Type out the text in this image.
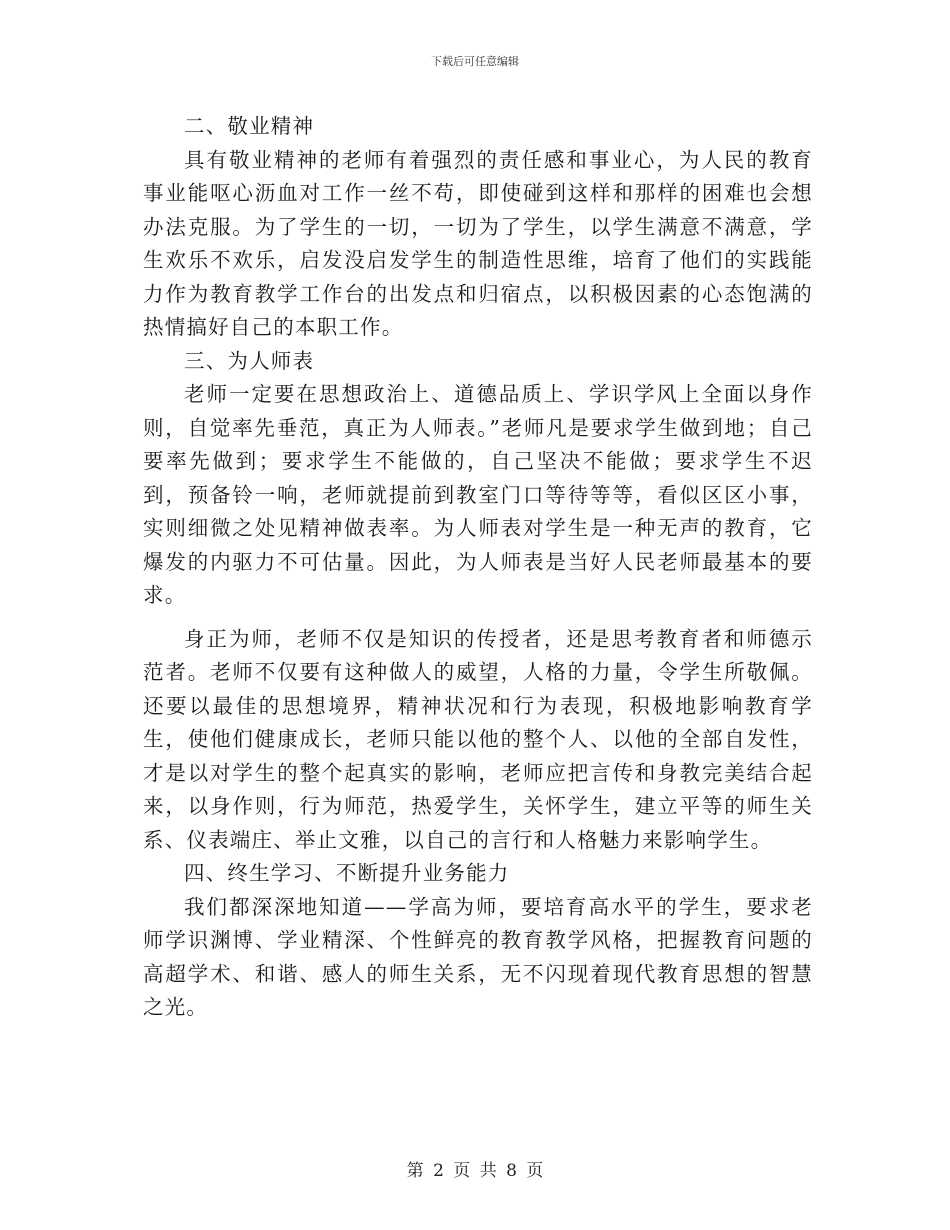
下载后可任意编辑

二、敬业精神

具有敬业精神的老师有着强烈的责任感和事业心，为人民的教育事业能呕心沥血对工作一丝不苟，即使碰到这样和那样的困难也会想办法克服。为了学生的一切，一切为了学生，以学生满意不满意，学生欢乐不欢乐，启发没启发学生的制造性思维，培育了他们的实践能力作为教育教学工作台的出发点和归宿点，以积极因素的心态饱满的热情搞好自己的本职工作。

三、为人师表

老师一定要在思想政治上、道德品质上、学识学风上全面以身作则，自觉率先垂范，真正为人师表。”老师凡是要求学生做到地；自己要率先做到；要求学生不能做的，自己坚决不能做；要求学生不迟到，预备铃一响，老师就提前到教室门口等待等等，看似区区小事，实则细微之处见精神做表率。为人师表对学生是一种无声的教育，它爆发的内驱力不可估量。因此，为人师表是当好人民老师最基本的要求。

身正为师，老师不仅是知识的传授者，还是思考教育者和师德示范者。老师不仅要有这种做人的威望，人格的力量，令学生所敬佩。还要以最佳的思想境界，精神状况和行为表现，积极地影响教育学生，使他们健康成长，老师只能以他的整个人、以他的全部自发性，才是以对学生的整个起真实的影响，老师应把言传和身教完美结合起来，以身作则，行为师范，热爱学生，关怀学生，建立平等的师生关系、仪表端庄、举止文雅，以自己的言行和人格魅力来影响学生。

四、终生学习、不断提升业务能力

我们都深深地知道——学高为师，要培育高水平的学生，要求老师学识渊博、学业精深、个性鲜亮的教育教学风格，把握教育问题的高超学术、和谐、感人的师生关系，无不闪现着现代教育思想的智慧之光。

第 2 页 共 8 页
